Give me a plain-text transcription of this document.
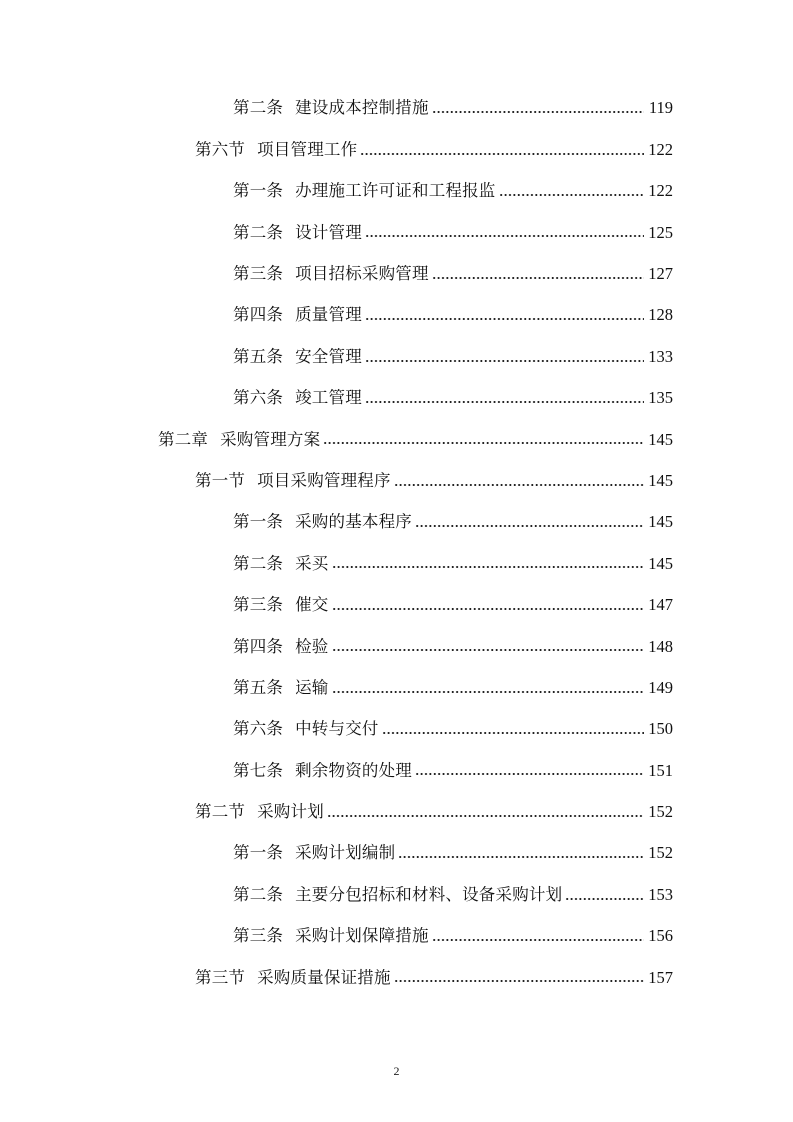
第二条 建设成本控制措施	119
第六节 项目管理工作	122
第一条 办理施工许可证和工程报监	122
第二条 设计管理	125
第三条 项目招标采购管理	127
第四条 质量管理	128
第五条 安全管理	133
第六条 竣工管理	135
第二章 采购管理方案	145
第一节 项目采购管理程序	145
第一条 采购的基本程序	145
第二条 采买	145
第三条 催交	147
第四条 检验	148
第五条 运输	149
第六条 中转与交付	150
第七条 剩余物资的处理	151
第二节 采购计划	152
第一条 采购计划编制	152
第二条 主要分包招标和材料、设备采购计划	153
第三条 采购计划保障措施	156
第三节 采购质量保证措施	157
2
